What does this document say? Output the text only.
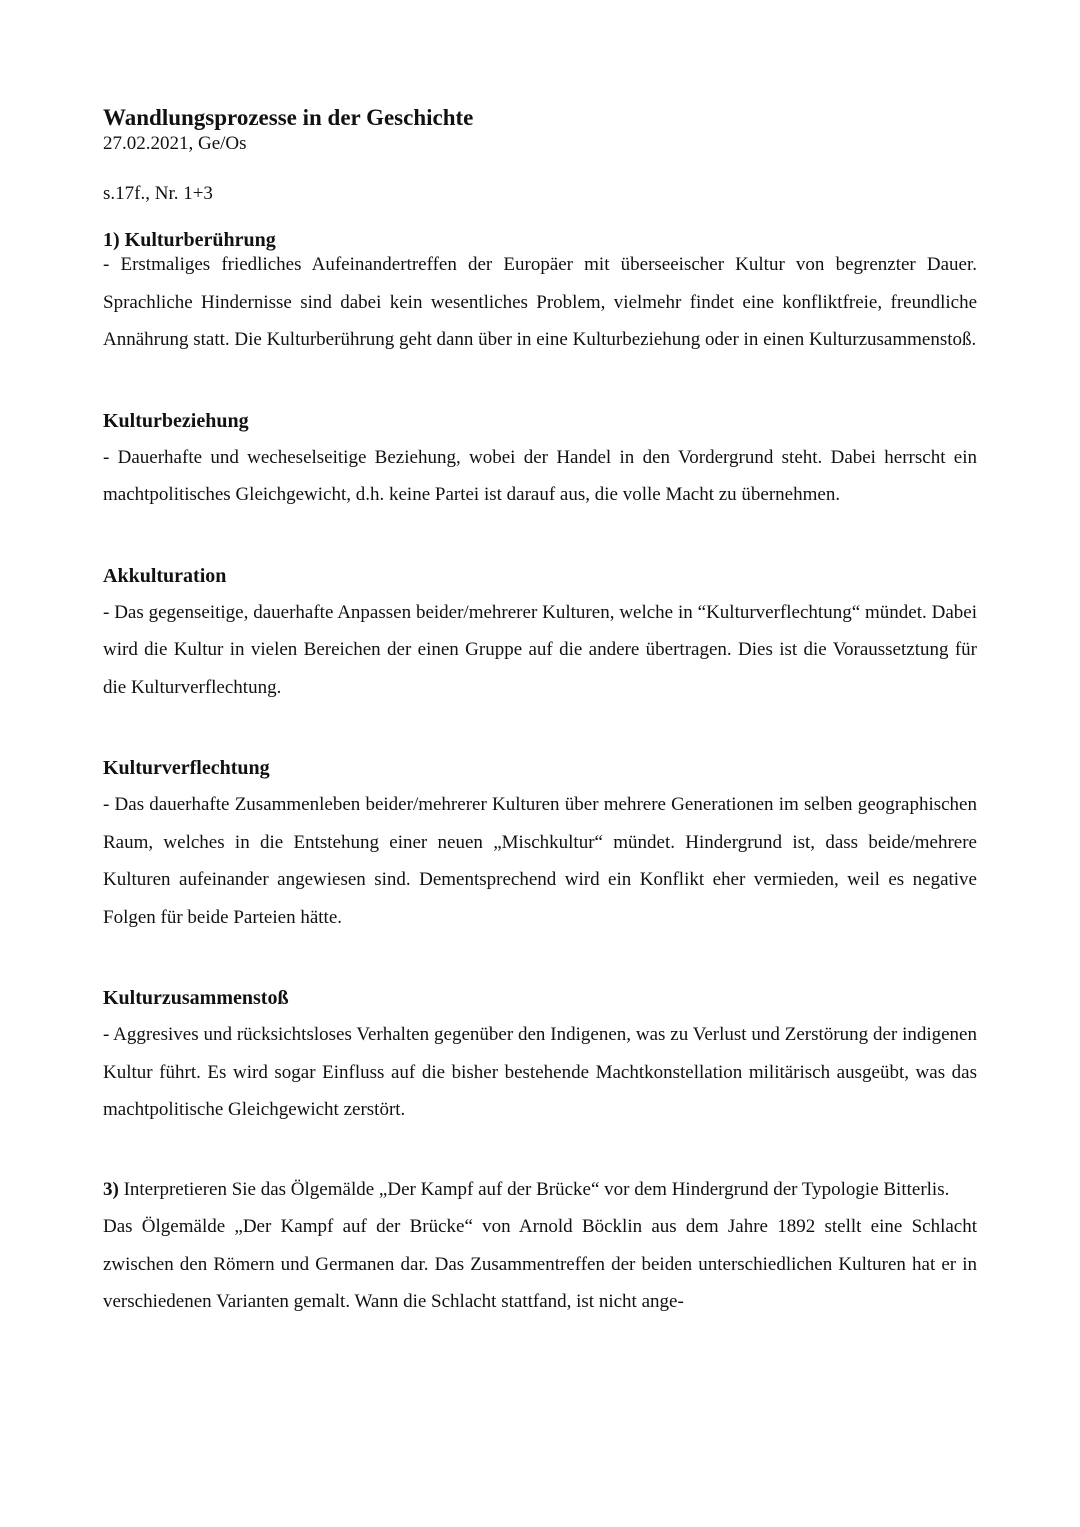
Wandlungsprozesse in der Geschichte

27.02.2021, Ge/Os

s.17f., Nr. 1+3

1) Kulturberührung

- Erstmaliges friedliches Aufeinandertreffen der Europäer mit überseeischer Kultur von begrenzter Dauer. Sprachliche Hindernisse sind dabei kein wesentliches Problem, vielmehr findet eine konfliktfreie, freundliche Annährung statt. Die Kulturberührung geht dann über in eine Kulturbeziehung oder in einen Kulturzusammenstoß.

Kulturbeziehung

- Dauerhafte und wecheselseitige Beziehung, wobei der Handel in den Vordergrund steht. Dabei herrscht ein machtpolitisches Gleichgewicht, d.h. keine Partei ist darauf aus, die volle Macht zu übernehmen.

Akkulturation

- Das gegenseitige, dauerhafte Anpassen beider/mehrerer Kulturen, welche in “Kulturverflechtung“ mündet. Dabei wird die Kultur in vielen Bereichen der einen Gruppe auf die andere übertragen. Dies ist die Voraussetztung für die Kulturverflechtung.

Kulturverflechtung

- Das dauerhafte Zusammenleben beider/mehrerer Kulturen über mehrere Generationen im selben geographischen Raum, welches in die Entstehung einer neuen „Mischkultur“ mündet. Hindergrund ist, dass beide/mehrere Kulturen aufeinander angewiesen sind. Dementsprechend wird ein Konflikt eher vermieden, weil es negative Folgen für beide Parteien hätte.

Kulturzusammenstoß

- Aggresives und rücksichtsloses Verhalten gegenüber den Indigenen, was zu Verlust und Zerstörung der indigenen Kultur führt. Es wird sogar Einfluss auf die bisher bestehende Machtkonstellation militärisch ausgeübt, was das machtpolitische Gleichgewicht zerstört.

3) Interpretieren Sie das Ölgemälde „Der Kampf auf der Brücke“ vor dem Hindergrund der Typologie Bitterlis.

Das Ölgemälde „Der Kampf auf der Brücke“ von Arnold Böcklin aus dem Jahre 1892 stellt eine Schlacht zwischen den Römern und Germanen dar. Das Zusammentreffen der beiden unterschiedlichen Kulturen hat er in verschiedenen Varianten gemalt. Wann die Schlacht stattfand, ist nicht ange-
